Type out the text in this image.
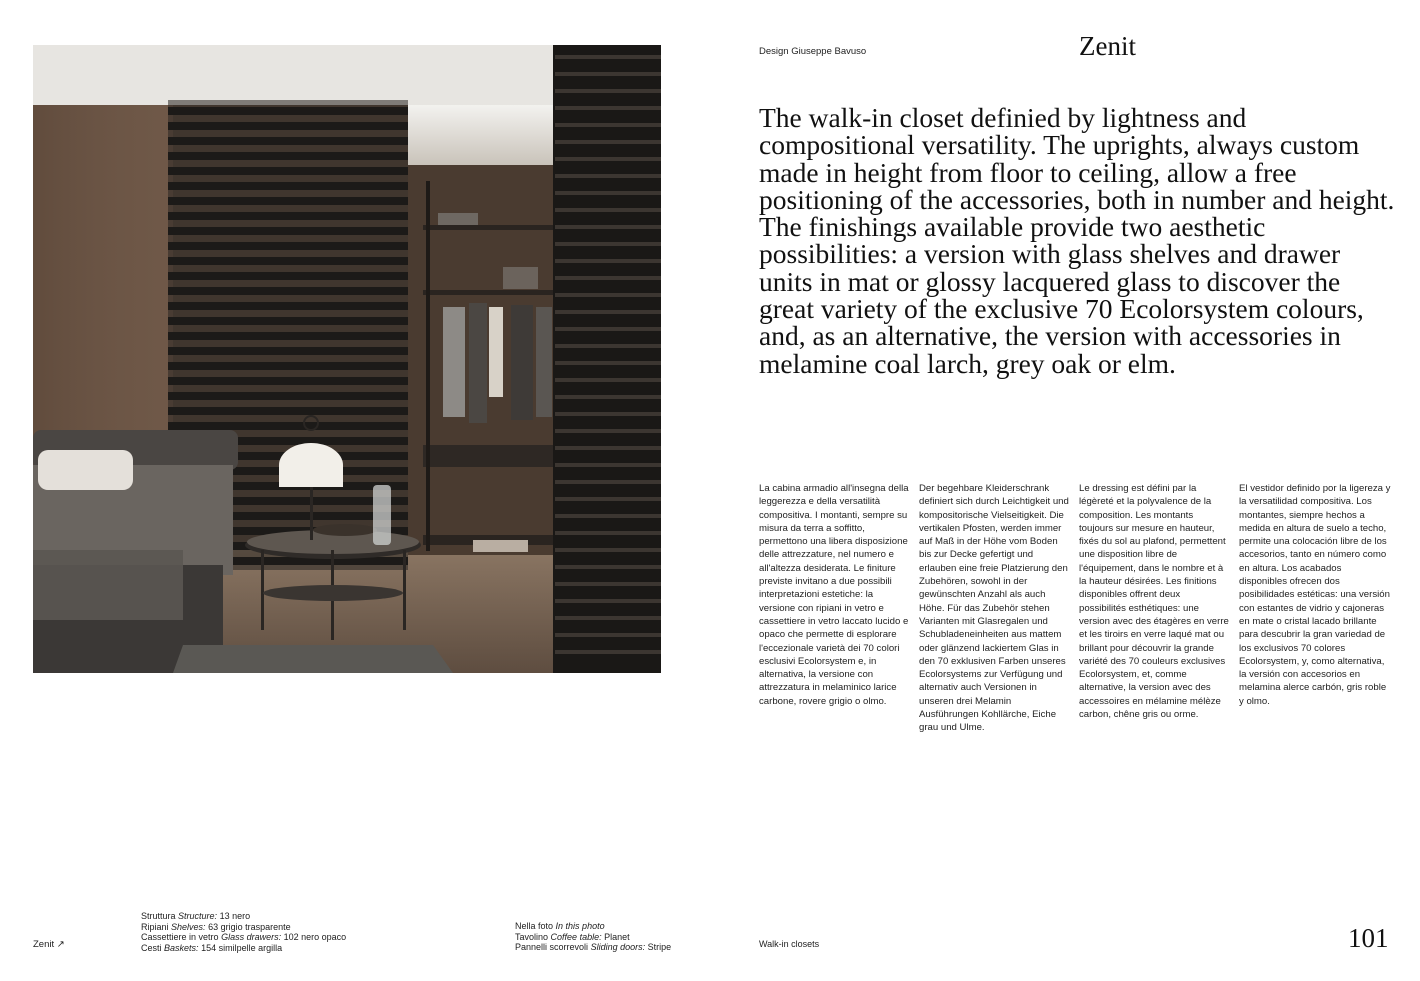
Design Giuseppe Bavuso	Zenit

The walk-in closet definied by lightness and compositional versatility. The uprights, always custom made in height from floor to ceiling, allow a free positioning of the accessories, both in number and height. The finishings available provide two aesthetic possibilities: a version with glass shelves and drawer units in mat or glossy lacquered glass to discover the great variety of the exclusive 70 Ecolorsystem colours, and, as an alternative, the version with accessories in melamine coal larch, grey oak or elm.

La cabina armadio all'insegna della leggerezza e della versatilità compositiva. I montanti, sempre su misura da terra a soffitto, permettono una libera disposizione delle attrezzature, nel numero e all'altezza desiderata. Le finiture previste invitano a due possibili interpretazioni estetiche: la versione con ripiani in vetro e cassettiere in vetro laccato lucido e opaco che permette di esplorare l'eccezionale varietà dei 70 colori esclusivi Ecolorsystem e, in alternativa, la versione con attrezzatura in melaminico larice carbone, rovere grigio o olmo.

Der begehbare Kleiderschrank definiert sich durch Leichtigkeit und kompositorische Vielseitigkeit. Die vertikalen Pfosten, werden immer auf Maß in der Höhe vom Boden bis zur Decke gefertigt und erlauben eine freie Platzierung den Zubehören, sowohl in der gewünschten Anzahl als auch Höhe. Für das Zubehör stehen Varianten mit Glasregalen und Schubladeneinheiten aus mattem oder glänzend lackiertem Glas in den 70 exklusiven Farben unseres Ecolorsystems zur Verfügung und alternativ auch Versionen in unseren drei Melamin Ausführungen Kohllärche, Eiche grau und Ulme.

Le dressing est défini par la légèreté et la polyvalence de la composition. Les montants toujours sur mesure en hauteur, fixés du sol au plafond, permettent une disposition libre de l'équipement, dans le nombre et à la hauteur désirées. Les finitions disponibles offrent deux possibilités esthétiques: une version avec des étagères en verre et les tiroirs en verre laqué mat ou brillant pour découvrir la grande variété des 70 couleurs exclusives Ecolorsystem, et, comme alternative, la version avec des accessoires en mélamine mélèze carbon, chêne gris ou orme.

El vestidor definido por la ligereza y la versatilidad compositiva. Los montantes, siempre hechos a medida en altura de suelo a techo, permite una colocación libre de los accesorios, tanto en número como en altura. Los acabados disponibles ofrecen dos posibilidades estéticas: una versión con estantes de vidrio y cajoneras en mate o cristal lacado brillante para descubrir la gran variedad de los exclusivos 70 colores Ecolorsystem, y, como alternativa, la versión con accesorios en melamina alerce carbón, gris roble y olmo.

Zenit ↗
Struttura Structure: 13 nero
Ripiani Shelves: 63 grigio trasparente
Cassettiere in vetro Glass drawers: 102 nero opaco
Cesti Baskets: 154 similpelle argilla
Nella foto In this photo
Tavolino Coffee table: Planet
Pannelli scorrevoli Sliding doors: Stripe	Walk-in closets	101
